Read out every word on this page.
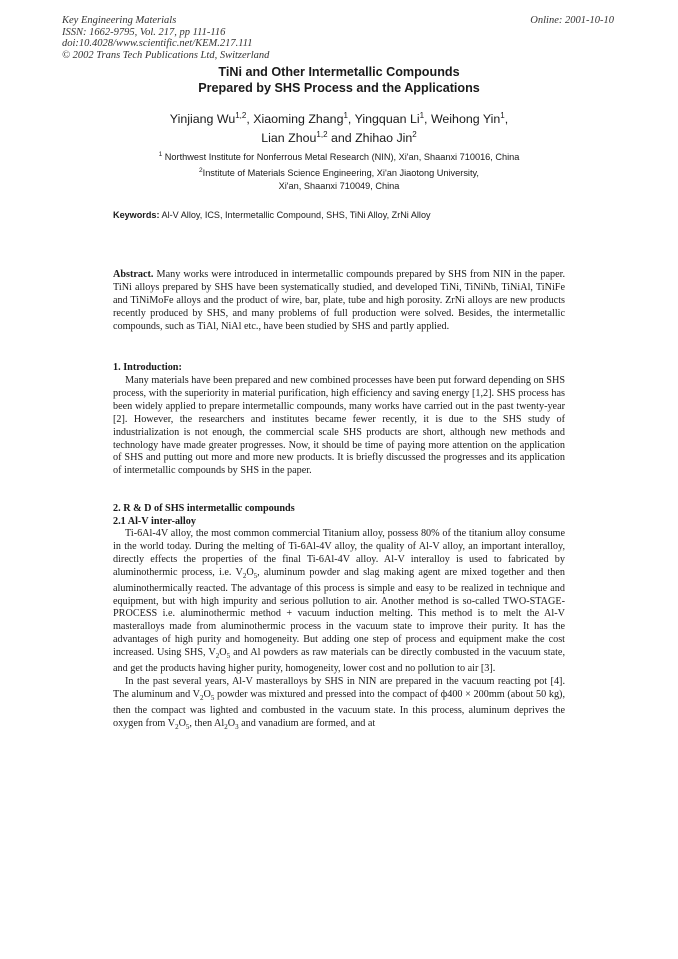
Key Engineering Materials
ISSN: 1662-9795, Vol. 217, pp 111-116
doi:10.4028/www.scientific.net/KEM.217.111
© 2002 Trans Tech Publications Ltd, Switzerland
Online: 2001-10-10
TiNi and Other Intermetallic Compounds
Prepared by SHS Process and the Applications
Yinjiang Wu$^{1,2}$, Xiaoming Zhang$^1$, Yingquan Li$^1$, Weihong Yin$^1$,
Lian Zhou$^{1,2}$ and Zhihao Jin$^2$
$^1$ Northwest Institute for Nonferrous Metal Research (NIN), Xi'an, Shaanxi 710016, China
$^2$Institute of Materials Science Engineering, Xi'an Jiaotong University,
Xi'an, Shaanxi 710049, China
Keywords: Al-V Alloy, ICS, Intermetallic Compound, SHS, TiNi Alloy, ZrNi Alloy

Abstract. Many works were introduced in intermetallic compounds prepared by SHS from NIN in the paper. TiNi alloys prepared by SHS have been systematically studied, and developed TiNi, TiNiNb, TiNiAl, TiNiFe and TiNiMoFe alloys and the product of wire, bar, plate, tube and high porosity. ZrNi alloys are new products recently produced by SHS, and many problems of full production were solved. Besides, the intermetallic compounds, such as TiAl, NiAl etc., have been studied by SHS and partly applied.

1. Introduction:

Many materials have been prepared and new combined processes have been put forward depending on SHS process, with the superiority in material purification, high efficiency and saving energy [1,2]. SHS process has been widely applied to prepare intermetallic compounds, many works have carried out in the past twenty-year [2]. However, the researchers and institutes became fewer recently, it is due to the SHS study of industrialization is not enough, the commercial scale SHS products are short, although new methods and technology have made greater progresses. Now, it should be time of paying more attention on the application of SHS and putting out more and more new products. It is briefly discussed the progresses and its application of intermetallic compounds by SHS in the paper.

2. R & D of SHS intermetallic compounds
2.1 Al-V inter-alloy

Ti-6Al-4V alloy, the most common commercial Titanium alloy, possess 80% of the titanium alloy consume in the world today. During the melting of Ti-6Al-4V alloy, the quality of Al-V alloy, an important interalloy, directly effects the properties of the final Ti-6Al-4V alloy. Al-V interalloy is used to fabricated by aluminothermic process, i.e. $V_2O_5$, aluminum powder and slag making agent are mixed together and then aluminothermically reacted. The advantage of this process is simple and easy to be realized in technique and equipment, but with high impurity and serious pollution to air. Another method is so-called TWO-STAGE-PROCESS i.e. aluminothermic method + vacuum induction melting. This method is to melt the Al-V masteralloys made from aluminothermic process in the vacuum state to improve their purity. It has the advantages of high purity and homogeneity. But adding one step of process and equipment make the cost increased. Using SHS, $V_2O_5$ and Al powders as raw materials can be directly combusted in the vacuum state, and get the products having higher purity, homogeneity, lower cost and no pollution to air [3].

In the past several years, Al-V masteralloys by SHS in NIN are prepared in the vacuum reacting pot [4]. The aluminum and $V_2O_5$ powder was mixtured and pressed into the compact of ф400 × 200mm (about 50 kg), then the compact was lighted and combusted in the vacuum state. In this process, aluminum deprives the oxygen from $V_2O_5$, then $Al_2O_3$ and vanadium are formed, and at
